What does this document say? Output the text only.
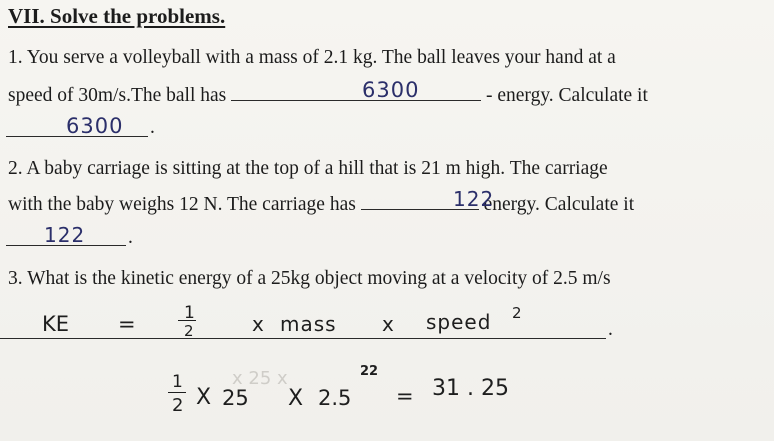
VII. Solve the problems.
1. You serve a volleyball with a mass of 2.1 kg. The ball leaves your hand at a
speed of 30m/s.The ball has	- energy. Calculate it
6300
6300 .
2. A baby carriage is sitting at the top of a hill that is 21 m high. The carriage
with the baby weighs 12 N. The carriage has	energy. Calculate it
122
122 .
3. What is the kinetic energy of a 25kg object moving at a velocity of 2.5 m/s
.
KE =	1
2	x mass x speed 2
x 25 x
1
2 X 25 X 2.5
22
= 31 . 25
